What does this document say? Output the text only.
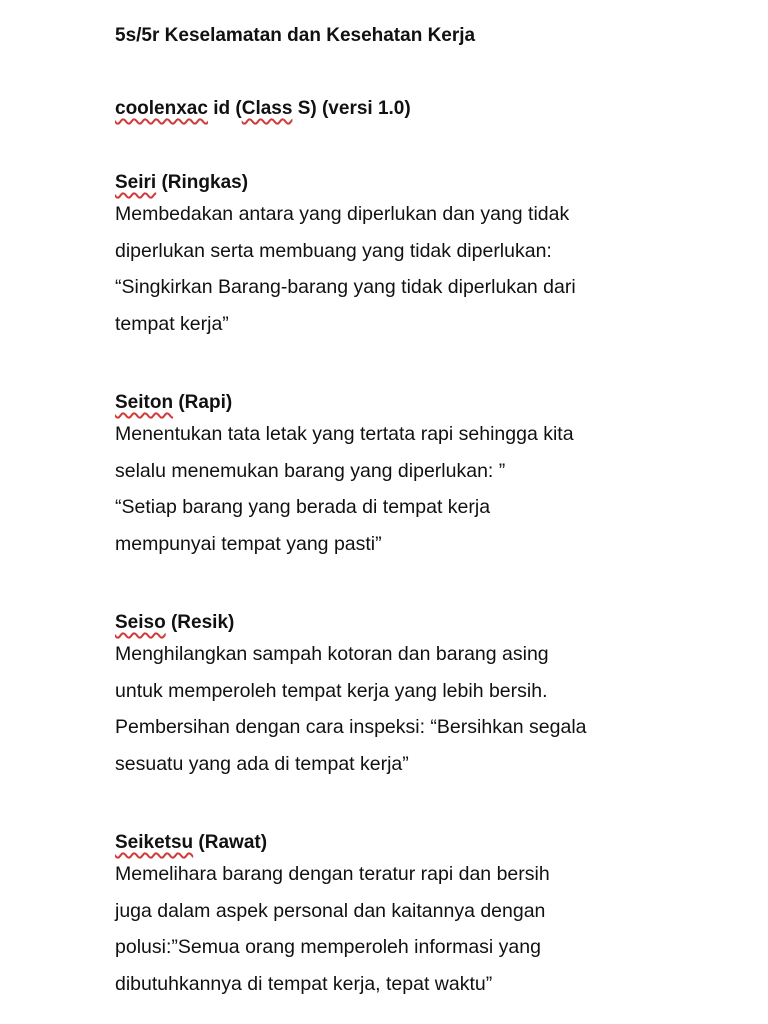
5s/5r Keselamatan dan Kesehatan Kerja
coolenxac id (Class S) (versi 1.0)
Seiri (Ringkas)
Membedakan antara yang diperlukan dan yang tidak
diperlukan serta membuang yang tidak diperlukan:
“Singkirkan Barang-barang yang tidak diperlukan dari
tempat kerja”
Seiton (Rapi)
Menentukan tata letak yang tertata rapi sehingga kita
selalu menemukan barang yang diperlukan: ”
“Setiap barang yang berada di tempat kerja
mempunyai tempat yang pasti”
Seiso (Resik)
Menghilangkan sampah kotoran dan barang asing
untuk memperoleh tempat kerja yang lebih bersih.
Pembersihan dengan cara inspeksi: “Bersihkan segala
sesuatu yang ada di tempat kerja”
Seiketsu (Rawat)
Memelihara barang dengan teratur rapi dan bersih
juga dalam aspek personal dan kaitannya dengan
polusi:”Semua orang memperoleh informasi yang
dibutuhkannya di tempat kerja, tepat waktu”
